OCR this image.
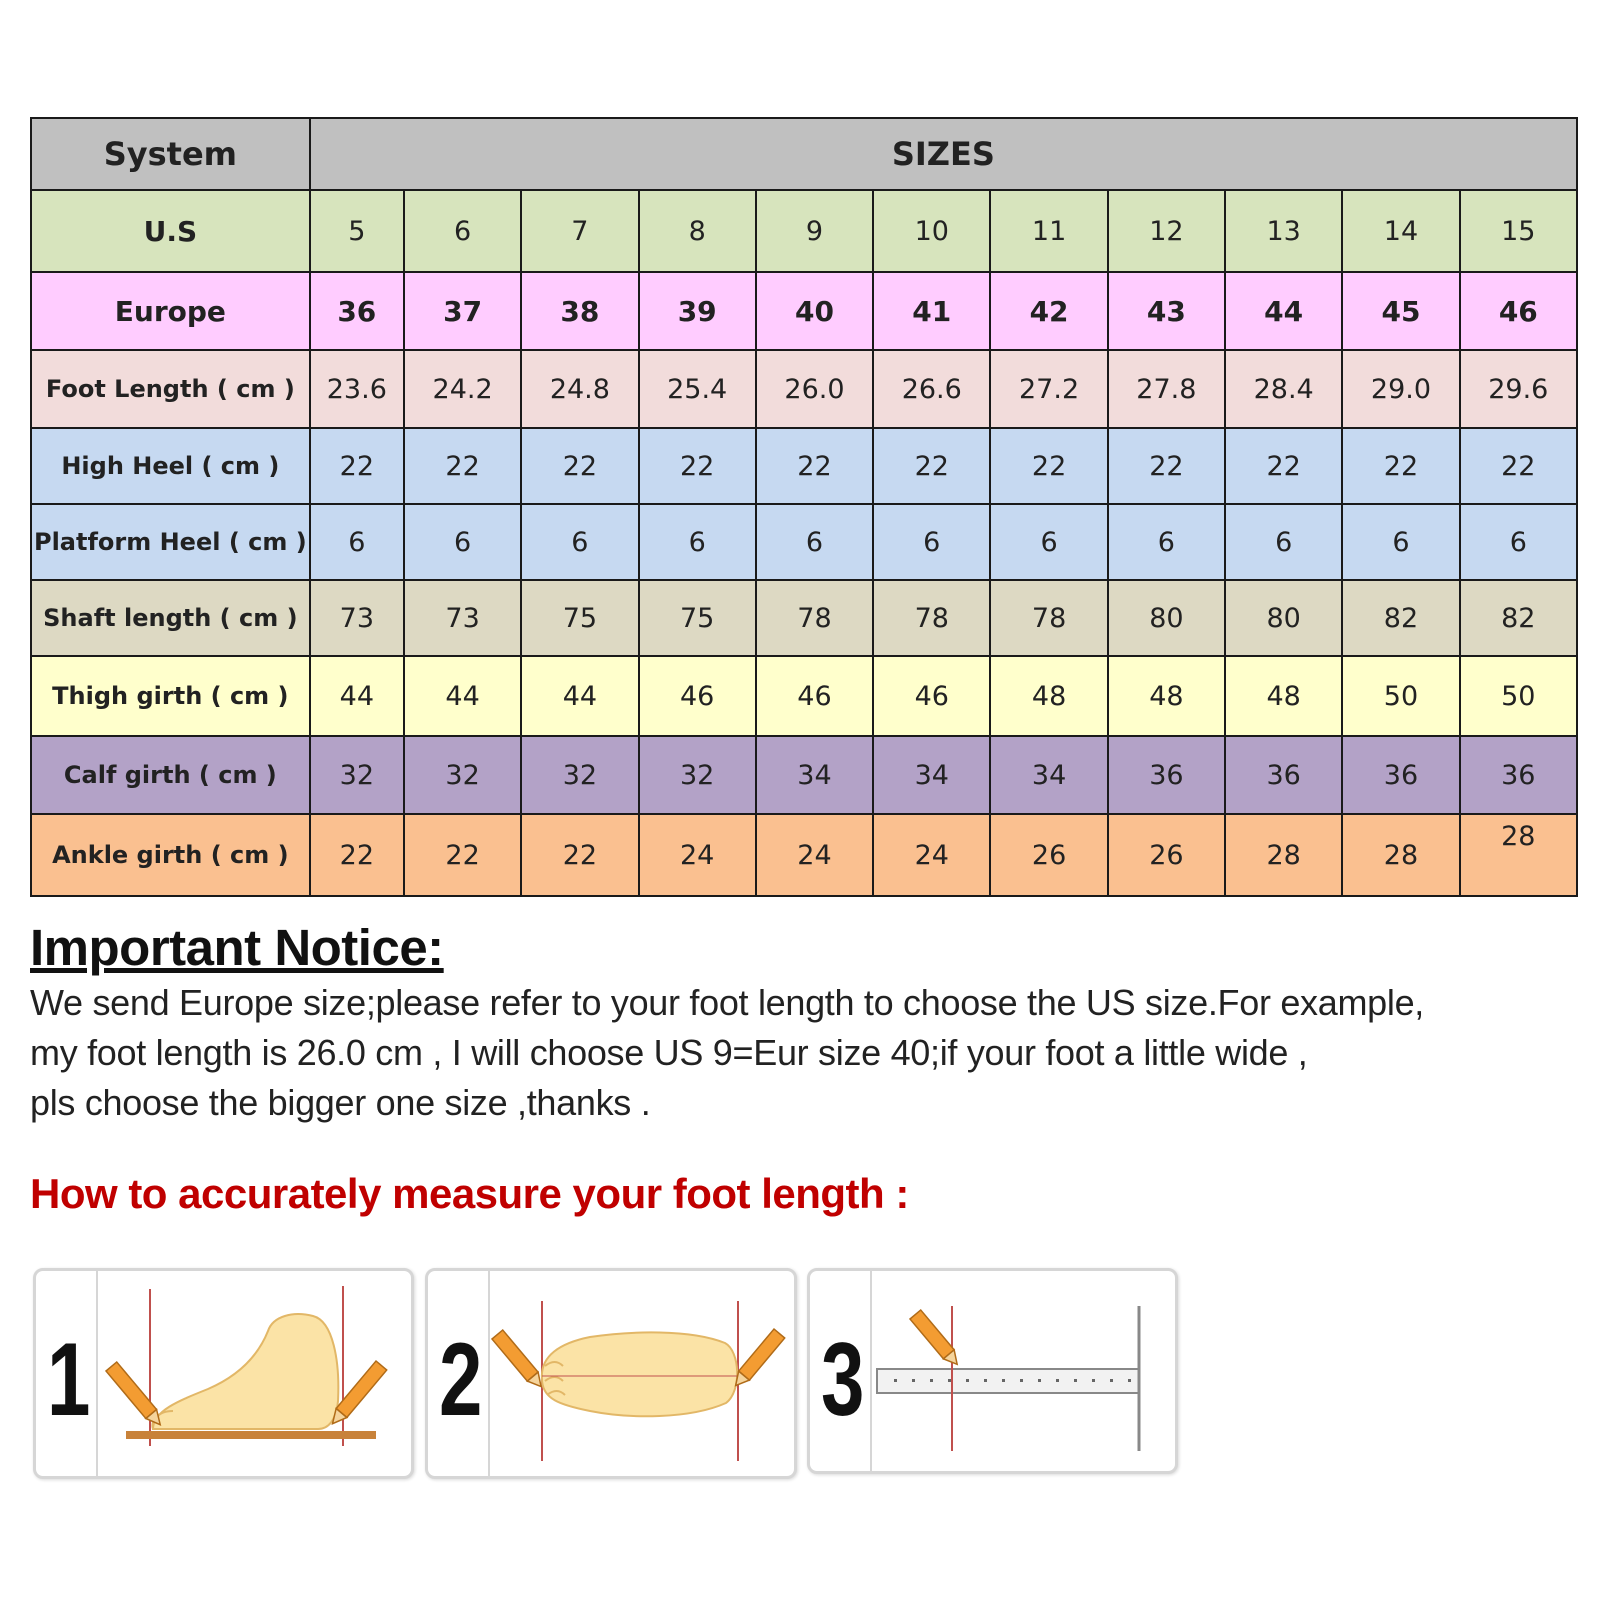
System	SIZES										
U.S	5	6	7	8	9	10	11	12	13	14	15
Europe	36	37	38	39	40	41	42	43	44	45	46
Foot Length ( cm )	23.6	24.2	24.8	25.4	26.0	26.6	27.2	27.8	28.4	29.0	29.6
High Heel ( cm )	22	22	22	22	22	22	22	22	22	22	22
Platform Heel ( cm )	6	6	6	6	6	6	6	6	6	6	6
Shaft length ( cm )	73	73	75	75	78	78	78	80	80	82	82
Thigh girth ( cm )	44	44	44	46	46	46	48	48	48	50	50
Calf girth ( cm )	32	32	32	32	34	34	34	36	36	36	36
Ankle girth ( cm )	22	22	22	24	24	24	26	26	28	28	28
Important Notice:
We send Europe size;please refer to your foot length to choose the US size.For example,
my foot length is 26.0 cm , I will choose US 9=Eur size 40;if your foot a little wide ,
pls choose the bigger one size ,thanks .
How to accurately measure your foot length :
1	2	3
